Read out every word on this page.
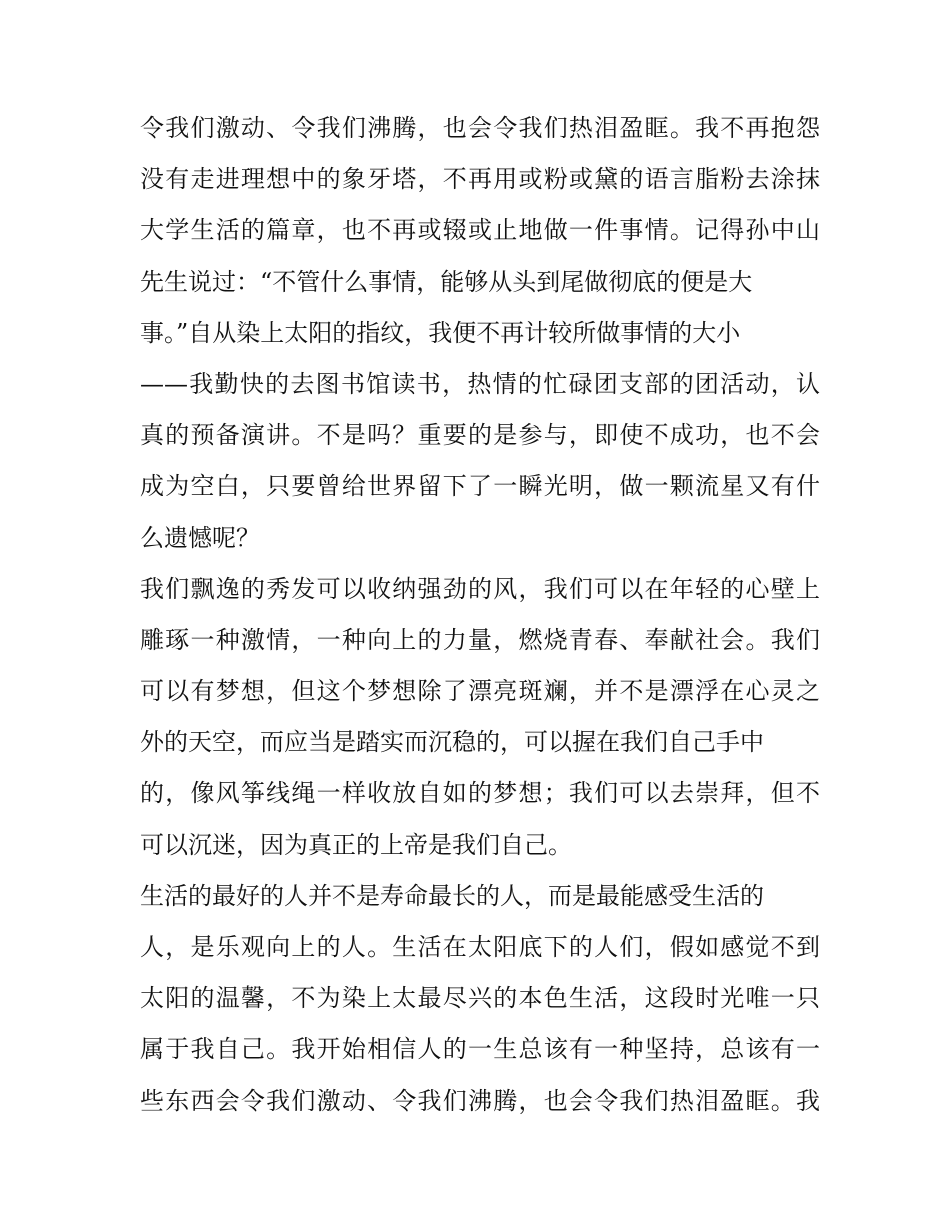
令我们激动、令我们沸腾，也会令我们热泪盈眶。我不再抱怨
没有走进理想中的象牙塔，不再用或粉或黛的语言脂粉去涂抹
大学生活的篇章，也不再或辍或止地做一件事情。记得孙中山
先生说过：“不管什么事情，能够从头到尾做彻底的便是大
事。”自从染上太阳的指纹，我便不再计较所做事情的大小
——我勤快的去图书馆读书，热情的忙碌团支部的团活动，认
真的预备演讲。不是吗？重要的是参与，即使不成功，也不会
成为空白，只要曾给世界留下了一瞬光明，做一颗流星又有什
么遗憾呢？
我们飘逸的秀发可以收纳强劲的风，我们可以在年轻的心壁上
雕琢一种激情，一种向上的力量，燃烧青春、奉献社会。我们
可以有梦想，但这个梦想除了漂亮斑斓，并不是漂浮在心灵之
外的天空，而应当是踏实而沉稳的，可以握在我们自己手中
的，像风筝线绳一样收放自如的梦想；我们可以去崇拜，但不
可以沉迷，因为真正的上帝是我们自己。
生活的最好的人并不是寿命最长的人，而是最能感受生活的
人，是乐观向上的人。生活在太阳底下的人们，假如感觉不到
太阳的温馨，不为染上太最尽兴的本色生活，这段时光唯一只
属于我自己。我开始相信人的一生总该有一种坚持，总该有一
些东西会令我们激动、令我们沸腾，也会令我们热泪盈眶。我
